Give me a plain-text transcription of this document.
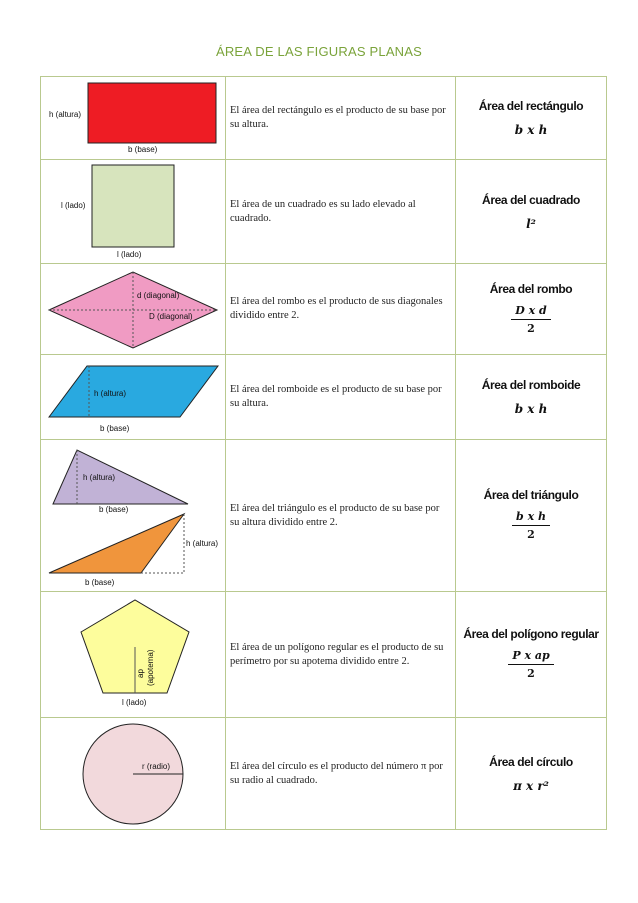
ÁREA DE LAS FIGURAS PLANAS
h (altura)
b (base)	El área del rectángulo es el producto de su base por su altura.	Área del rectángulo
b x h

l (lado)
l (lado)	El área de un cuadrado es su lado elevado al cuadrado.	Área del cuadrado
l²

d (diagonal)
D (diagonal)	El área del rombo es el producto de sus diagonales dividido entre 2.	Área del rombo
$\frac{\text{D x d}}{2}$

h (altura)
b (base)	El área del romboide es el producto de su base por su altura.	Área del romboide
b x h

h (altura)
b (base)
h (altura)
b (base)	El área del triángulo es el producto de su base por su altura dividido entre 2.	Área del triángulo
$\frac{\text{b x h}}{2}$

ap (apotema)
l (lado)	El área de un polígono regular es el producto de su perímetro por su apotema dividido entre 2.	Área del polígono regular
$\frac{\text{P x ap}}{2}$

r (radio)	El área del círculo es el producto del número π por su radio al cuadrado.	Área del círculo
π x r²
